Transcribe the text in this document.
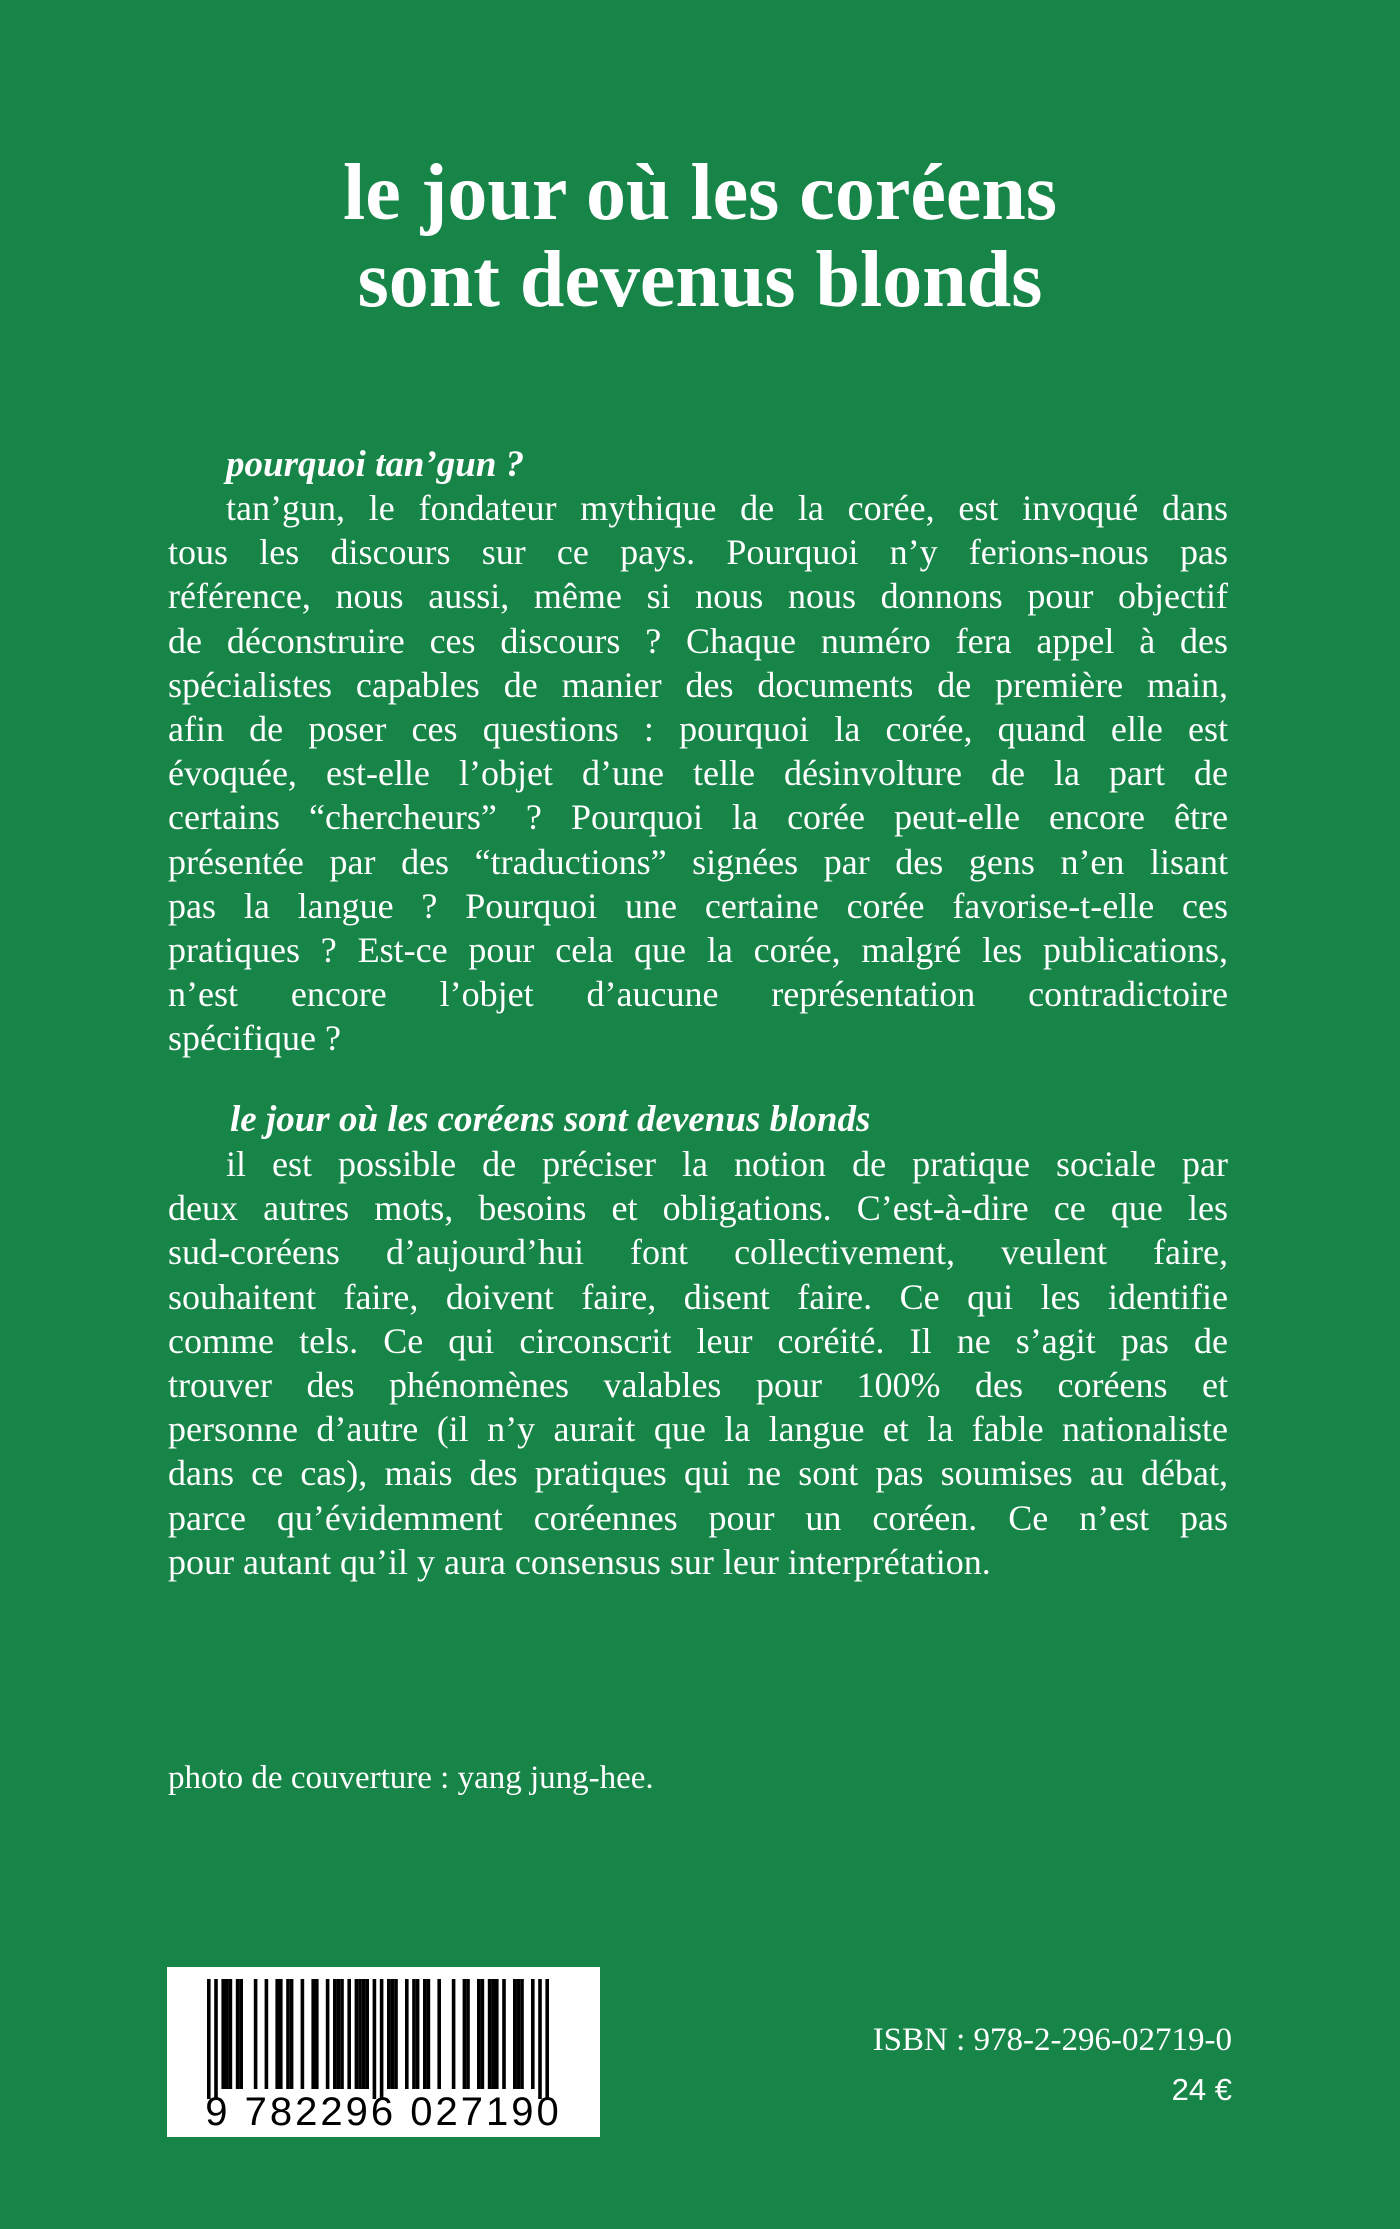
le jour où les coréens
sont devenus blonds
pourquoi tan’gun ?
tan’gun, le fondateur mythique de la corée, est invoqué dans
tous les discours sur ce pays. Pourquoi n’y ferions-nous pas
référence, nous aussi, même si nous nous donnons pour objectif
de déconstruire ces discours ? Chaque numéro fera appel à des
spécialistes capables de manier des documents de première main,
afin de poser ces questions : pourquoi la corée, quand elle est
évoquée, est-elle l’objet d’une telle désinvolture de la part de
certains “chercheurs” ? Pourquoi la corée peut-elle encore être
présentée par des “traductions” signées par des gens n’en lisant
pas la langue ? Pourquoi une certaine corée favorise-t-elle ces
pratiques ? Est-ce pour cela que la corée, malgré les publications,
n’est encore l’objet d’aucune représentation contradictoire
spécifique ?
le jour où les coréens sont devenus blonds
il est possible de préciser la notion de pratique sociale par
deux autres mots, besoins et obligations. C’est-à-dire ce que les
sud-coréens d’aujourd’hui font collectivement, veulent faire,
souhaitent faire, doivent faire, disent faire. Ce qui les identifie
comme tels. Ce qui circonscrit leur coréité. Il ne s’agit pas de
trouver des phénomènes valables pour 100% des coréens et
personne d’autre (il n’y aurait que la langue et la fable nationaliste
dans ce cas), mais des pratiques qui ne sont pas soumises au débat,
parce qu’évidemment coréennes pour un coréen. Ce n’est pas
pour autant qu’il y aura consensus sur leur interprétation.
photo de couverture : yang jung-hee.
9 782296 027190
ISBN : 978-2-296-02719-0
24 €
